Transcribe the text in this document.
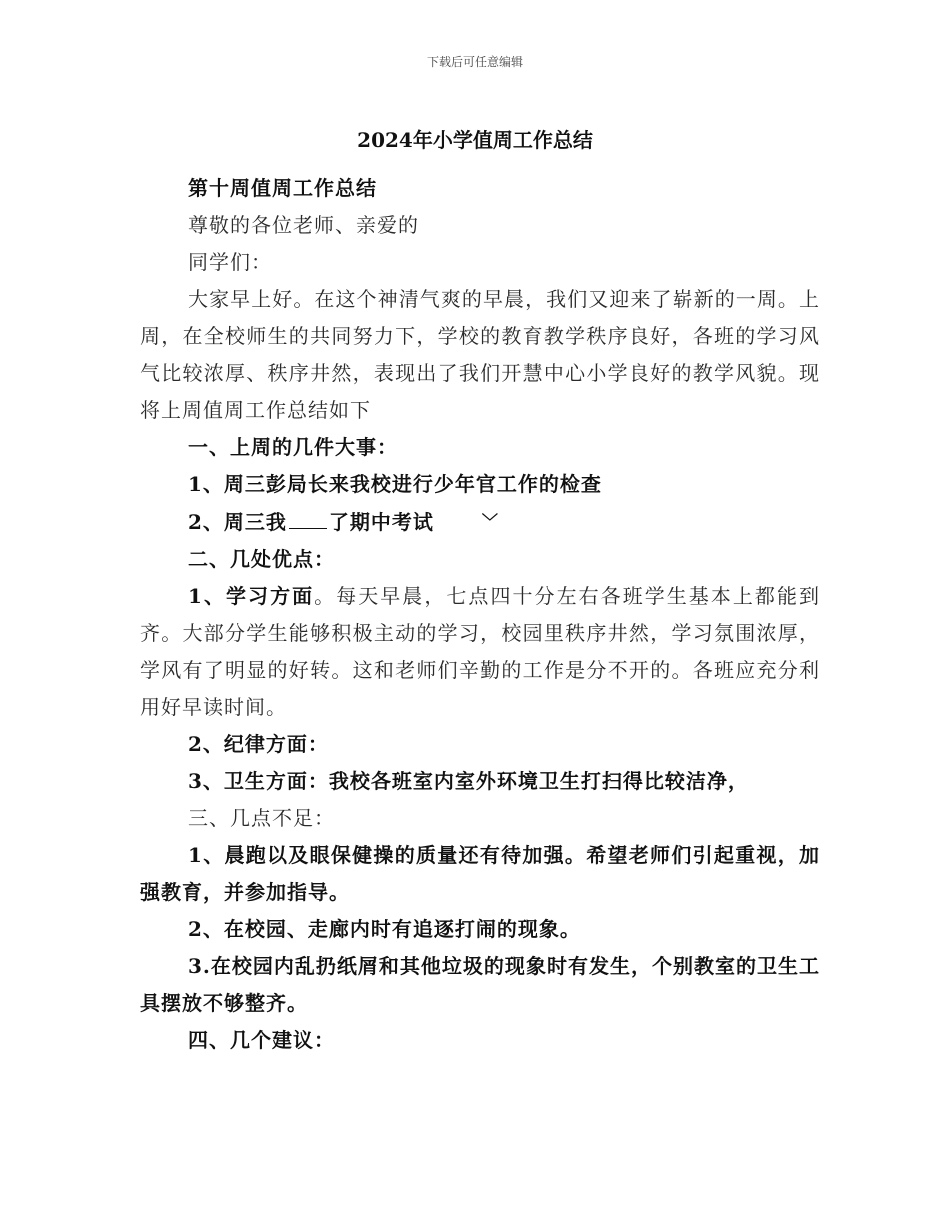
下载后可任意编辑
2024年小学值周工作总结

第十周值周工作总结

尊敬的各位老师、亲爱的

同学们：

大家早上好。在这个神清气爽的早晨，我们又迎来了崭新的一周。上周，在全校师生的共同努力下，学校的教育教学秩序良好，各班的学习风气比较浓厚、秩序井然，表现出了我们开慧中心小学良好的教学风貌。现将上周值周工作总结如下

一、上周的几件大事：

1、周三彭局长来我校进行少年官工作的检查

2、周三我 了期中考试	﹀

二、几处优点：

1、学习方面。每天早晨，七点四十分左右各班学生基本上都能到齐。大部分学生能够积极主动的学习，校园里秩序井然，学习氛围浓厚，学风有了明显的好转。这和老师们辛勤的工作是分不开的。各班应充分利用好早读时间。

2、纪律方面：

3、卫生方面：我校各班室内室外环境卫生打扫得比较洁净，

三、几点不足：

1、晨跑以及眼保健操的质量还有待加强。希望老师们引起重视，加强教育，并参加指导。

2、在校园、走廊内时有追逐打闹的现象。

3.在校园内乱扔纸屑和其他垃圾的现象时有发生，个别教室的卫生工具摆放不够整齐。

四、几个建议：
